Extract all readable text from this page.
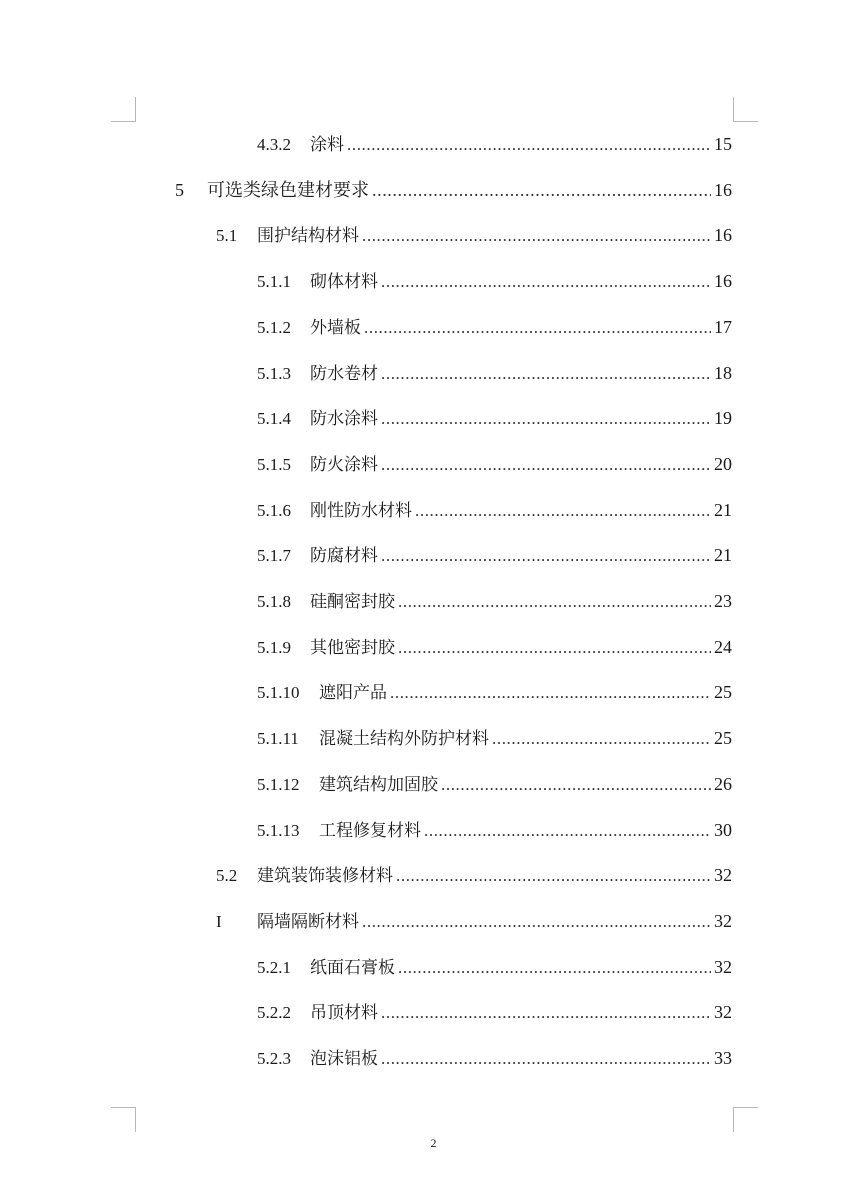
4.3.2	涂料 .....	15
5	可选类绿色建材要求 .....	16
5.1	围护结构材料 .....	16
5.1.1	砌体材料 .....	16
5.1.2	外墙板 .....	17
5.1.3	防水卷材 .....	18
5.1.4	防水涂料 .....	19
5.1.5	防火涂料 .....	20
5.1.6	刚性防水材料 .....	21
5.1.7	防腐材料 .....	21
5.1.8	硅酮密封胶 .....	23
5.1.9	其他密封胶 .....	24
5.1.10	遮阳产品 .....	25
5.1.11	混凝土结构外防护材料 .....	25
5.1.12	建筑结构加固胶 .....	26
5.1.13	工程修复材料 .....	30
5.2	建筑装饰装修材料 .....	32
I	隔墙隔断材料 .....	32
5.2.1	纸面石膏板 .....	32
5.2.2	吊顶材料 .....	32
5.2.3	泡沫铝板 .....	33
2
